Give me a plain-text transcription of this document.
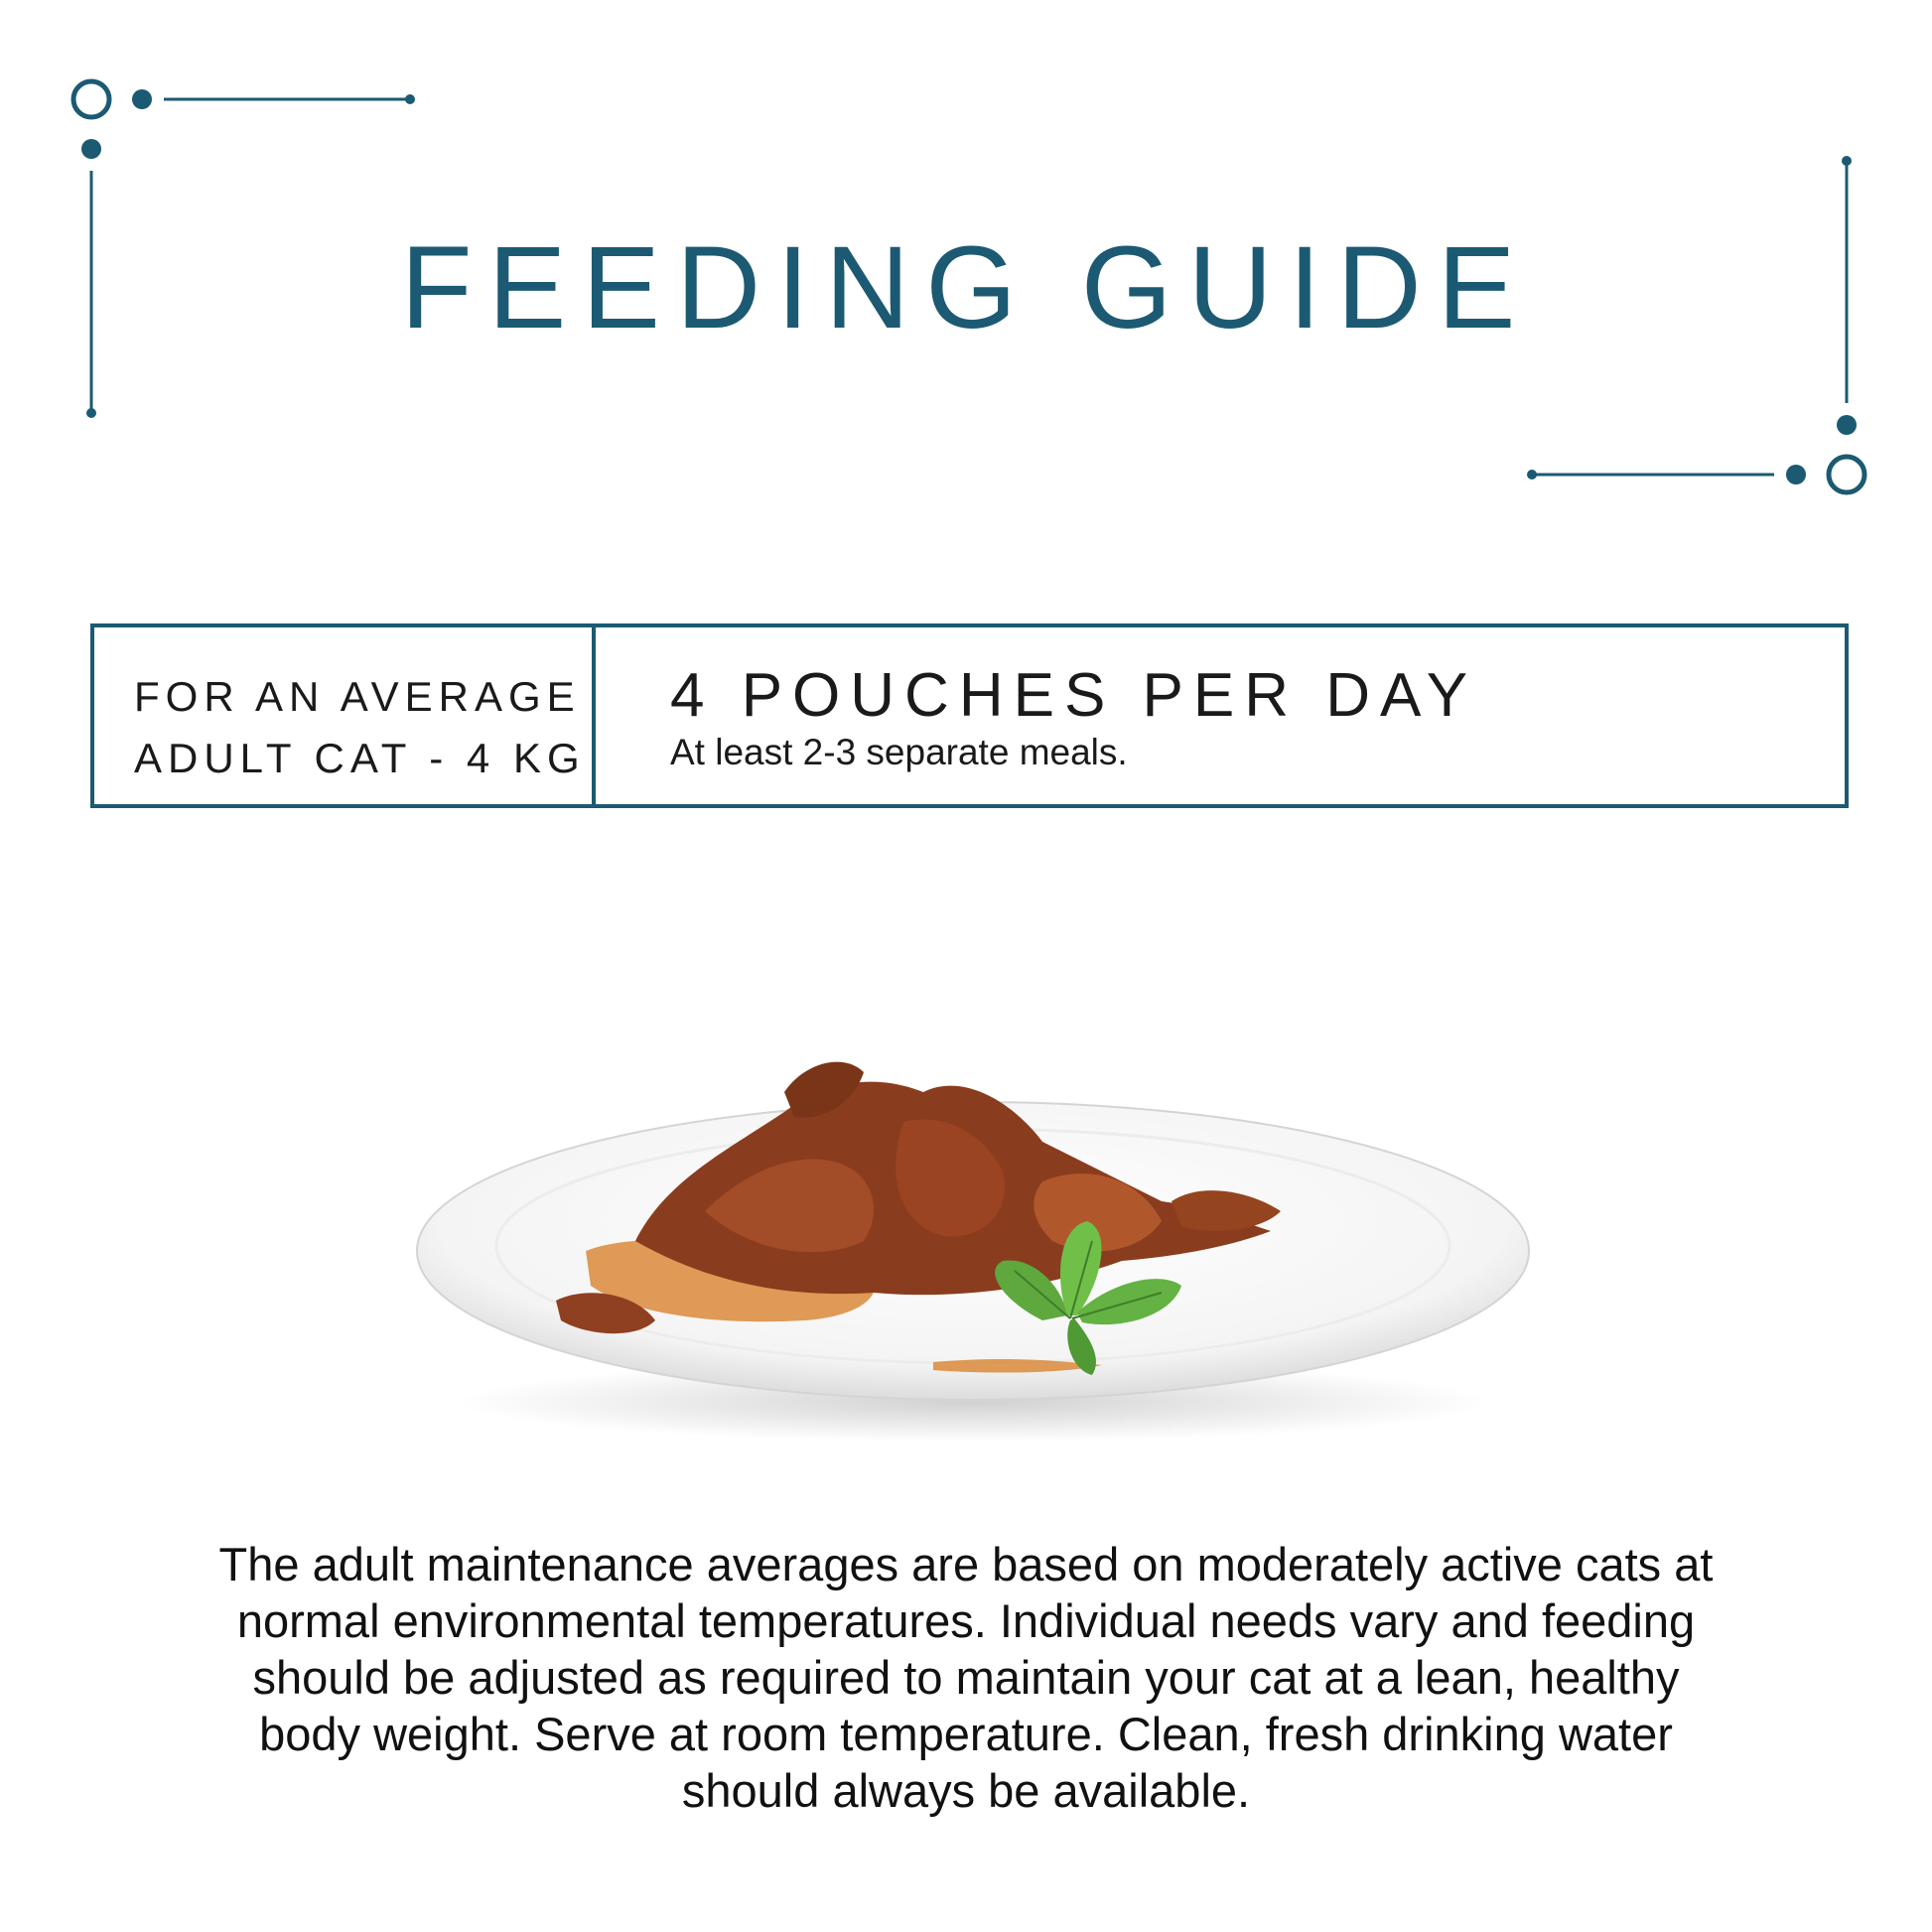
FEEDING GUIDE
FOR AN AVERAGE
ADULT CAT - 4 KG
4 POUCHES PER DAY
At least 2-3 separate meals.

The adult maintenance averages are based on moderately active cats at normal environmental temperatures. Individual needs vary and feeding should be adjusted as required to maintain your cat at a lean, healthy body weight. Serve at room temperature. Clean, fresh drinking water should always be available.
